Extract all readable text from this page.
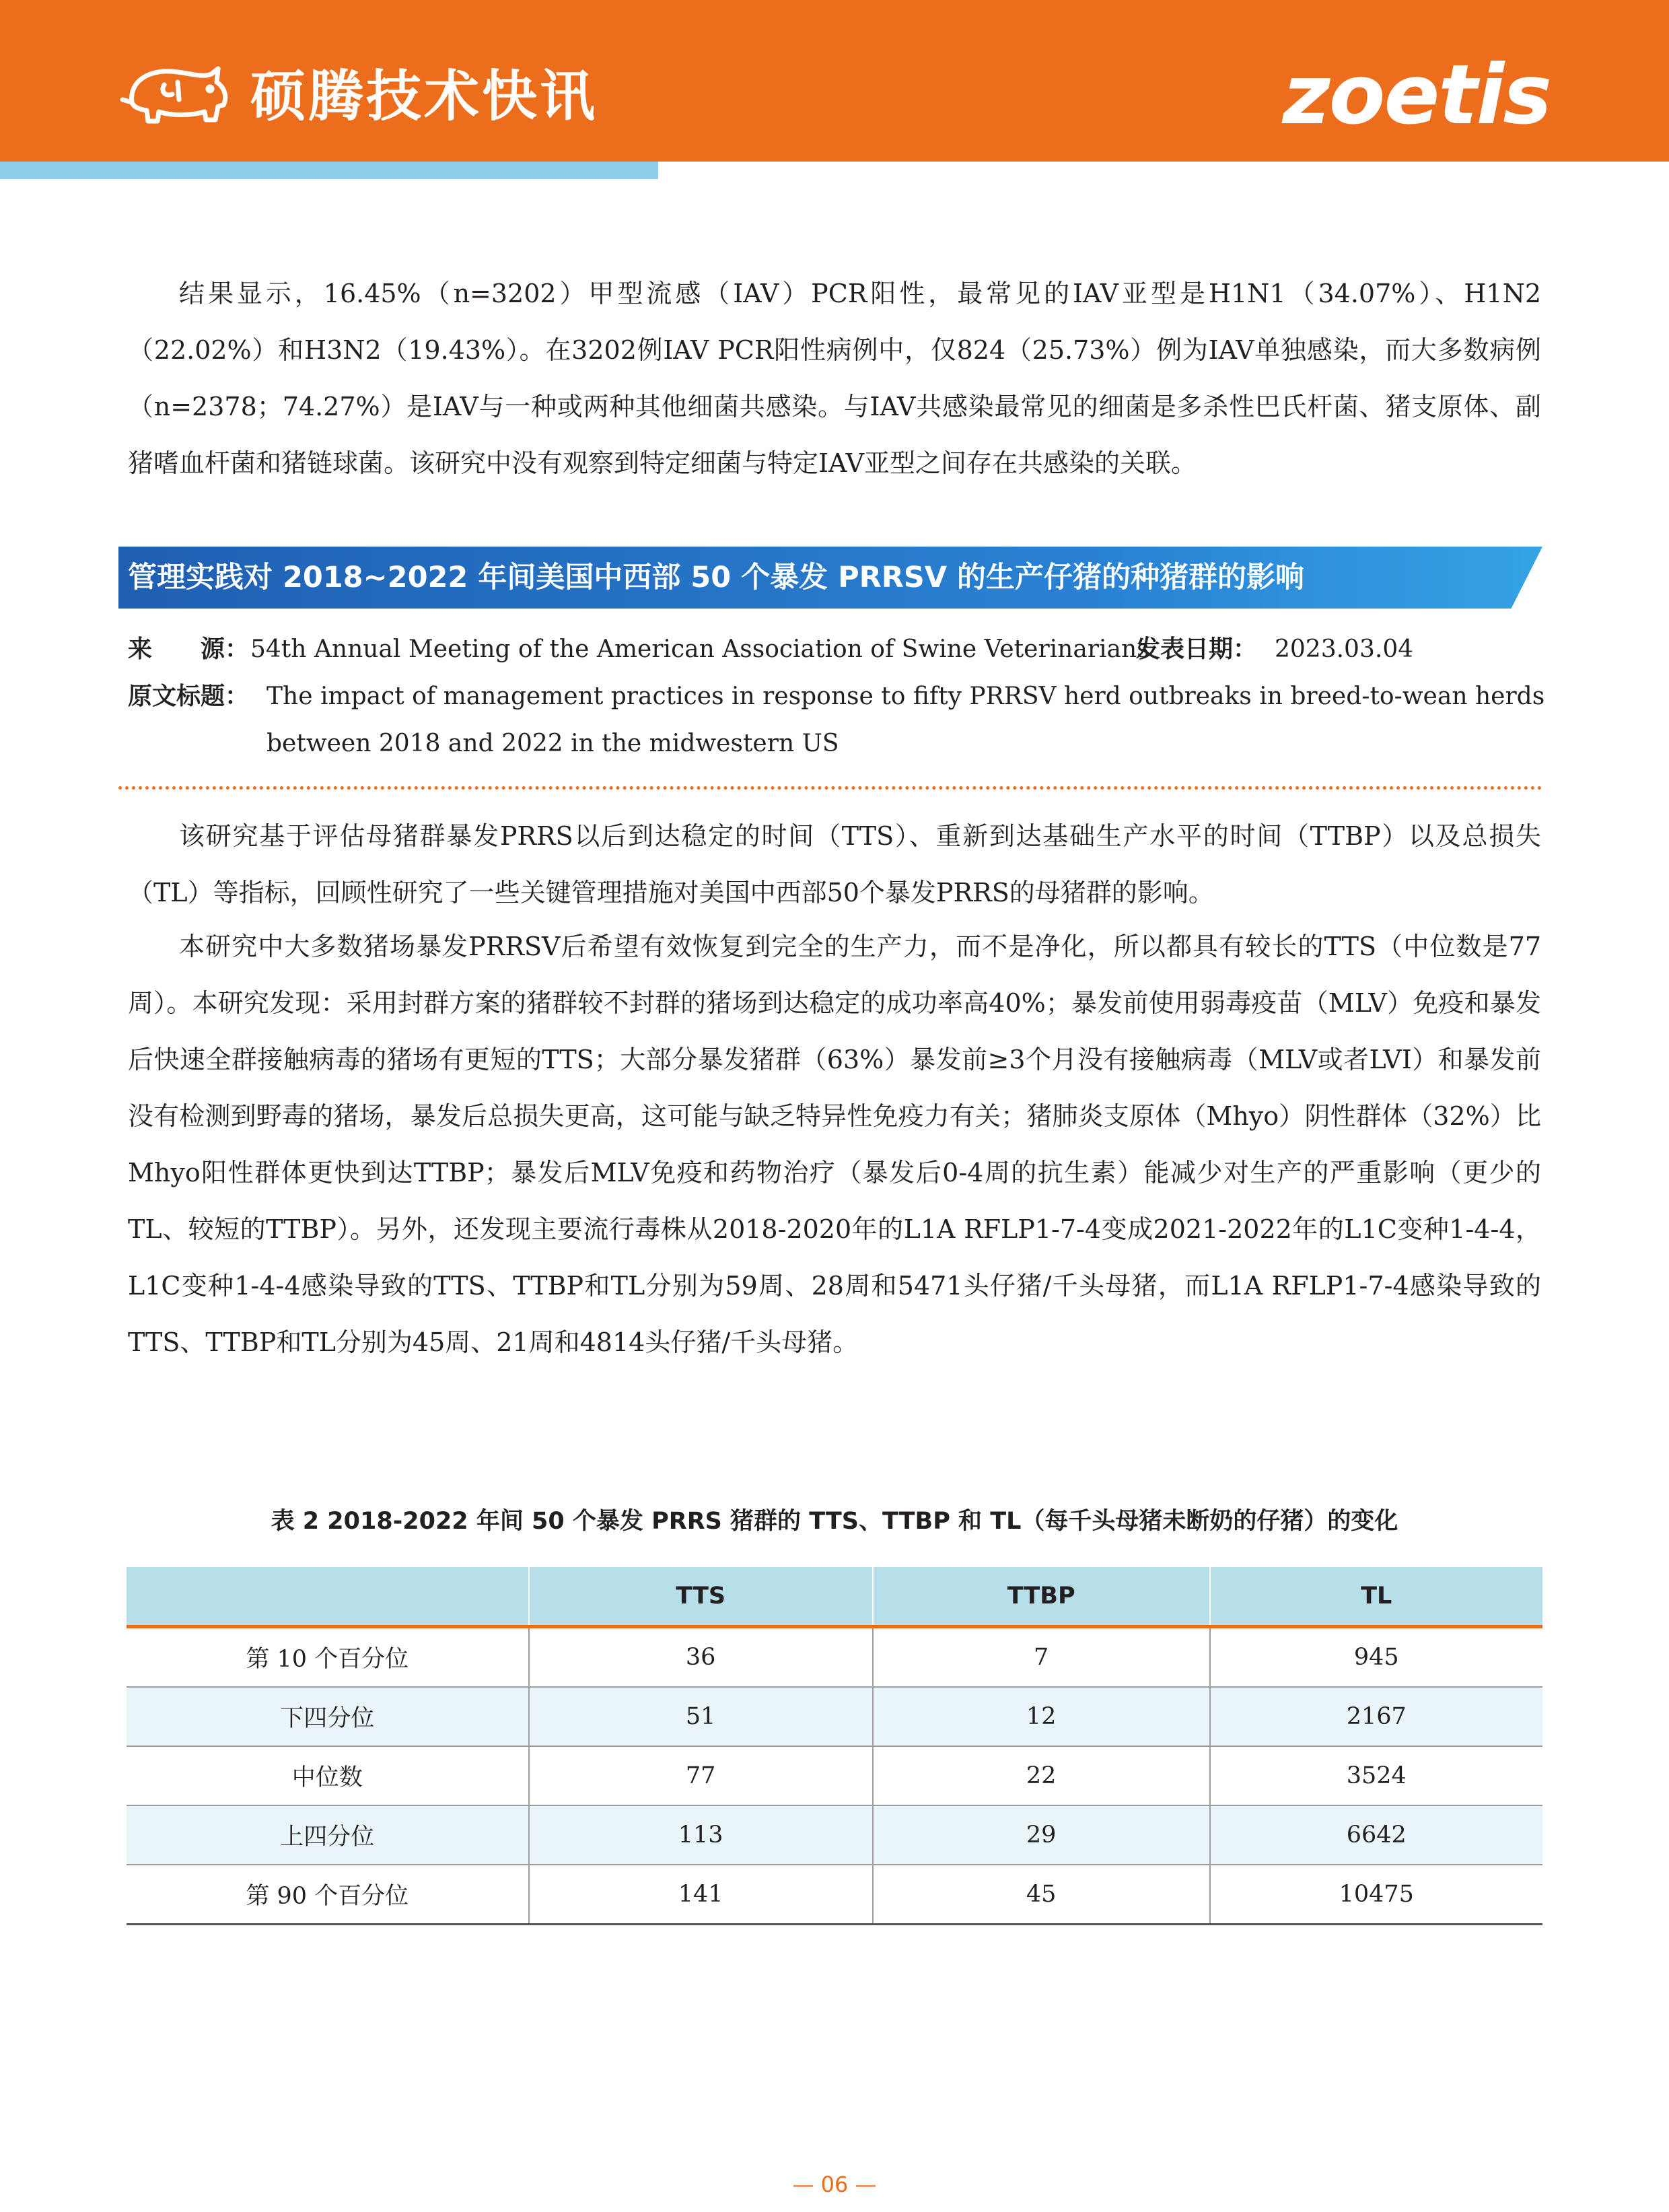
硕腾技术快讯	zoetis

结果显示，16.45%（n=3202）甲型流感（IAV）PCR阳性，最常见的IAV亚型是H1N1（34.07%）、H1N2（22.02%）和H3N2（19.43%）。在3202例IAV PCR阳性病例中，仅824（25.73%）例为IAV单独感染，而大多数病例（n=2378；74.27%）是IAV与一种或两种其他细菌共感染。与IAV共感染最常见的细菌是多杀性巴氏杆菌、猪支原体、副猪嗜血杆菌和猪链球菌。该研究中没有观察到特定细菌与特定IAV亚型之间存在共感染的关联。

管理实践对 2018~2022 年间美国中西部 50 个暴发 PRRSV 的生产仔猪的种猪群的影响
来　　源： 54th Annual Meeting of the American Association of Swine Veterinarians
发表日期： 2023.03.04
原文标题： The impact of management practices in response to fifty PRRSV herd outbreaks in breed-to-wean herds between 2018 and 2022 in the midwestern US

该研究基于评估母猪群暴发PRRS以后到达稳定的时间（TTS）、重新到达基础生产水平的时间（TTBP）以及总损失（TL）等指标，回顾性研究了一些关键管理措施对美国中西部50个暴发PRRS的母猪群的影响。

本研究中大多数猪场暴发PRRSV后希望有效恢复到完全的生产力，而不是净化，所以都具有较长的TTS（中位数是77周）。本研究发现：采用封群方案的猪群较不封群的猪场到达稳定的成功率高40%；暴发前使用弱毒疫苗（MLV）免疫和暴发后快速全群接触病毒的猪场有更短的TTS；大部分暴发猪群（63%）暴发前≥3个月没有接触病毒（MLV或者LVI）和暴发前没有检测到野毒的猪场，暴发后总损失更高，这可能与缺乏特异性免疫力有关；猪肺炎支原体（Mhyo）阴性群体（32%）比Mhyo阳性群体更快到达TTBP；暴发后MLV免疫和药物治疗（暴发后0-4周的抗生素）能减少对生产的严重影响（更少的TL、较短的TTBP）。另外，还发现主要流行毒株从2018-2020年的L1A RFLP1-7-4变成2021-2022年的L1C变种1-4-4，L1C变种1-4-4感染导致的TTS、TTBP和TL分别为59周、28周和5471头仔猪/千头母猪，而L1A RFLP1-7-4感染导致的TTS、TTBP和TL分别为45周、21周和4814头仔猪/千头母猪。

表 2 2018-2022 年间 50 个暴发 PRRS 猪群的 TTS、TTBP 和 TL（每千头母猪未断奶的仔猪）的变化
	TTS	TTBP	TL
第 10 个百分位	36	7	945
下四分位	51	12	2167
中位数	77	22	3524
上四分位	113	29	6642
第 90 个百分位	141	45	10475
— 06 —
